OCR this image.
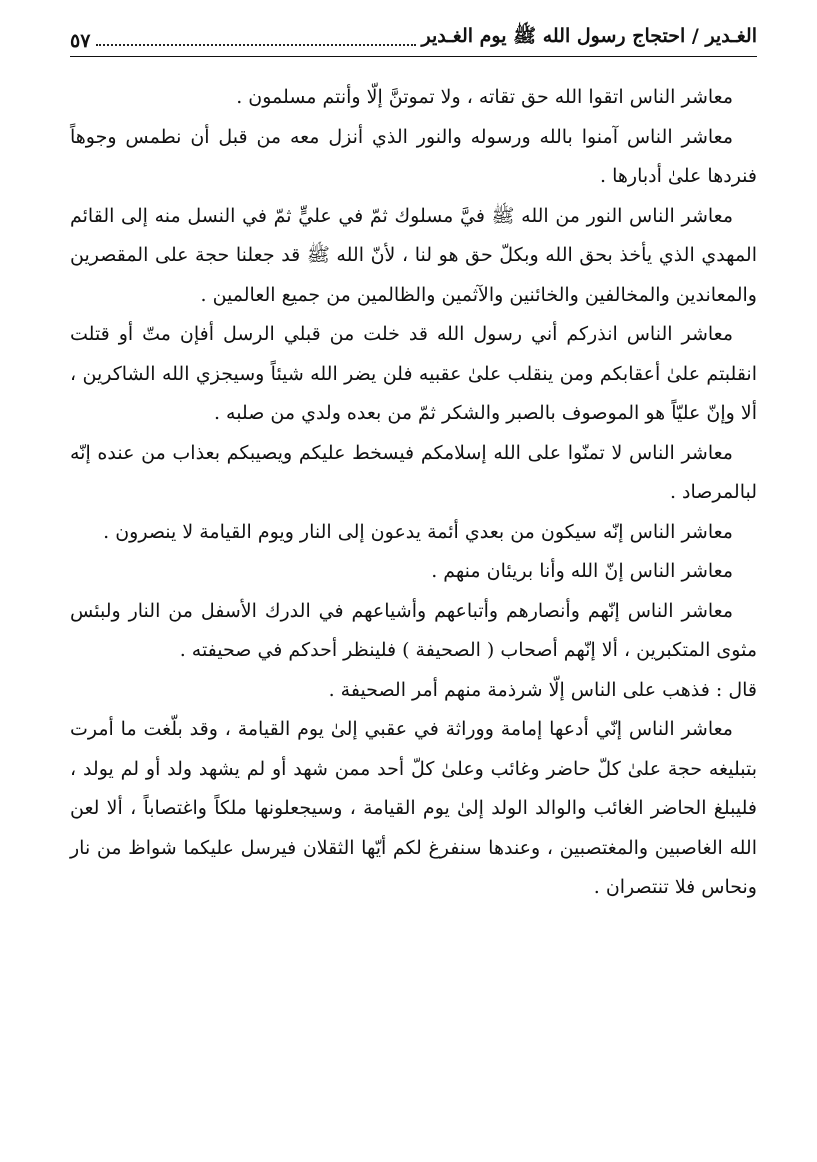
الغـدير / احتجاج رسول الله ﷺ يوم الغـدير
٥٧

معاشر الناس اتقوا الله حق تقاته ، ولا تموتنَّ إلّا وأنتم مسلمون .

معاشر الناس آمنوا بالله ورسوله والنور الذي أنزل معه من قبل أن نطمس وجوهاً فنردها علىٰ أدبارها .

معاشر الناس النور من الله ﷺ فيَّ مسلوك ثمّ في عليٍّ ثمّ في النسل منه إلى القائم المهدي الذي يأخذ بحق الله وبكلّ حق هو لنا ، لأنّ الله ﷺ قد جعلنا حجة على المقصرين والمعاندين والمخالفين والخائنين والآثمين والظالمين من جميع العالمين .

معاشر الناس انذركم أني رسول الله قد خلت من قبلي الرسل أفإن متّ أو قتلت انقلبتم علىٰ أعقابكم ومن ينقلب علىٰ عقبيه فلن يضر الله شيئاً وسيجزي الله الشاكرين ، ألا وإنّ عليّاً هو الموصوف بالصبر والشكر ثمّ من بعده ولدي من صلبه .

معاشر الناس لا تمنّوا على الله إسلامكم فيسخط عليكم ويصيبكم بعذاب من عنده إنّه لبالمرصاد .

معاشر الناس إنّه سيكون من بعدي أئمة يدعون إلى النار ويوم القيامة لا ينصرون .

معاشر الناس إنّ الله وأنا بريئان منهم .

معاشر الناس إنّهم وأنصارهم وأتباعهم وأشياعهم في الدرك الأسفل من النار ولبئس مثوى المتكبرين ، ألا إنّهم أصحاب ( الصحيفة ) فلينظر أحدكم في صحيفته .

قال : فذهب على الناس إلّا شرذمة منهم أمر الصحيفة .

معاشر الناس إنّي أدعها إمامة ووراثة في عقبي إلىٰ يوم القيامة ، وقد بلّغت ما أمرت بتبليغه حجة علىٰ كلّ حاضر وغائب وعلىٰ كلّ أحد ممن شهد أو لم يشهد ولد أو لم يولد ، فليبلغ الحاضر الغائب والوالد الولد إلىٰ يوم القيامة ، وسيجعلونها ملكاً واغتصاباً ، ألا لعن الله الغاصبين والمغتصبين ، وعندها سنفرغ لكم أيّها الثقلان فيرسل عليكما شواظ من نار ونحاس فلا تنتصران .
